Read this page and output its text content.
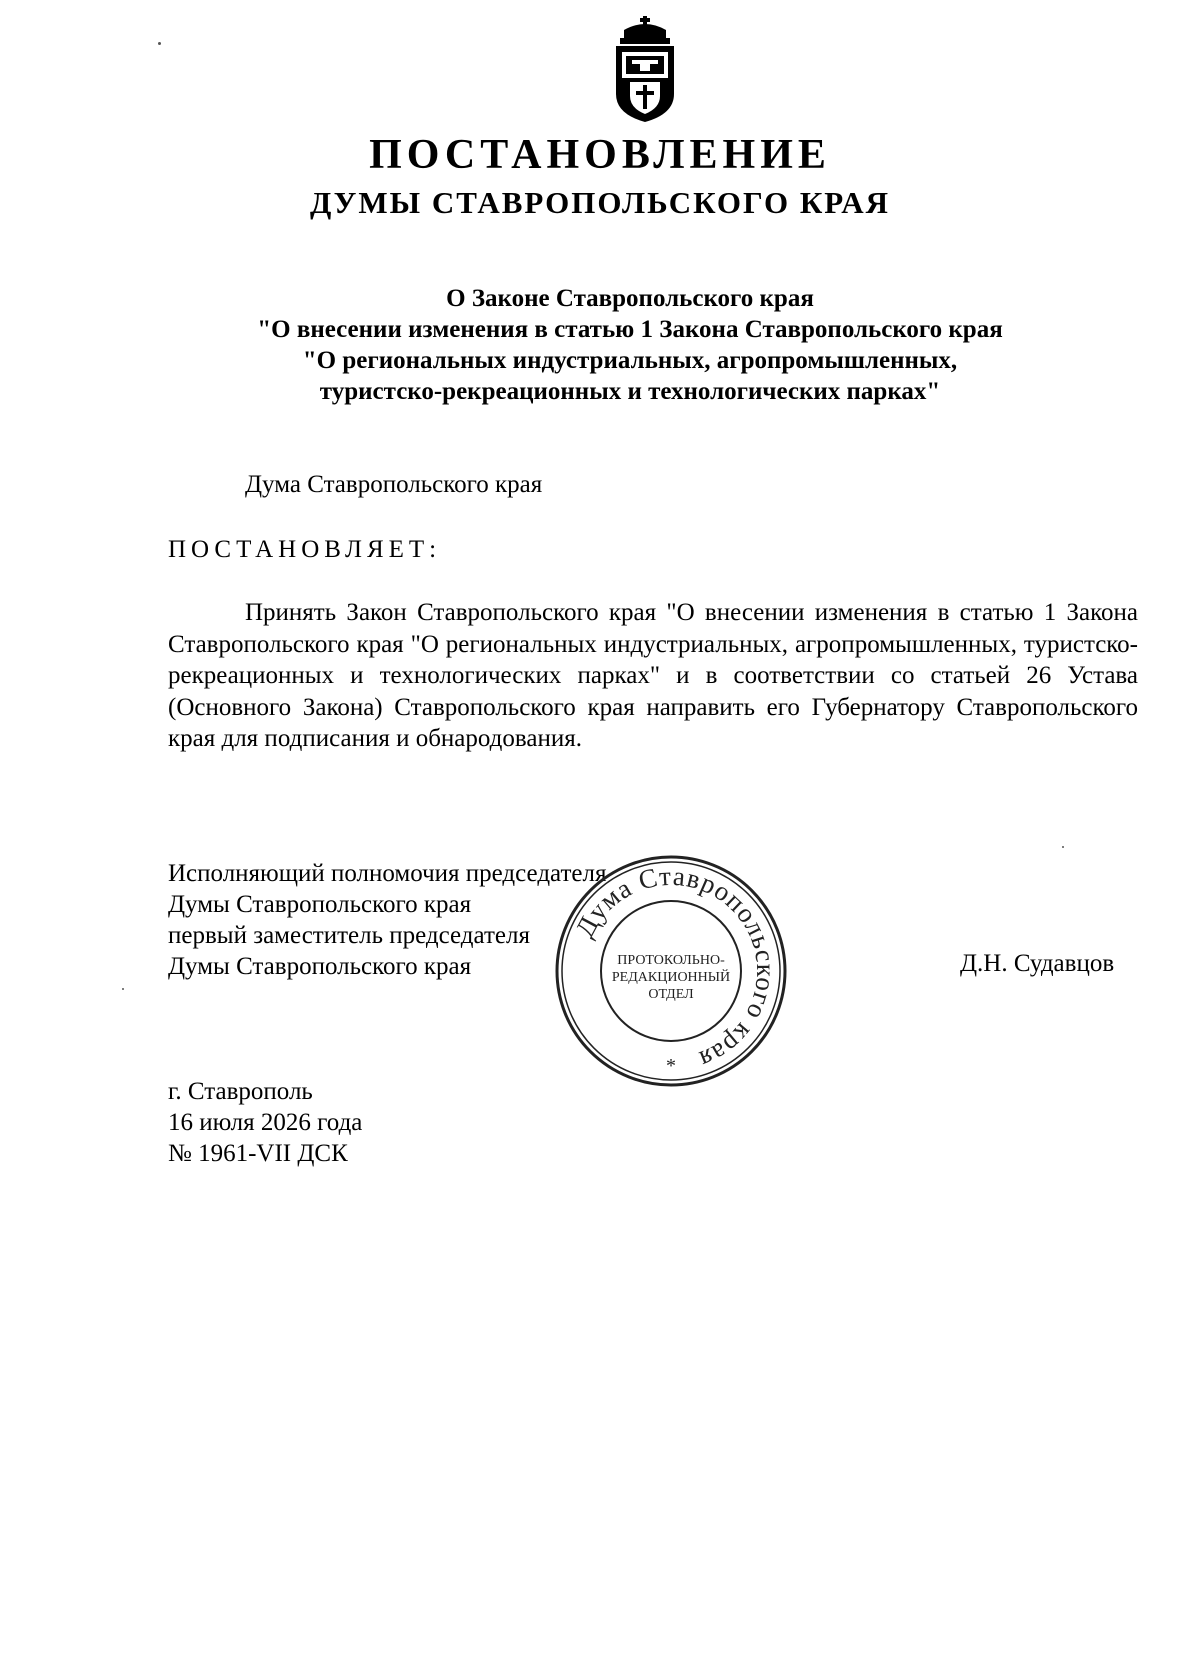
ПОСТАНОВЛЕНИЕ
ДУМЫ СТАВРОПОЛЬСКОГО КРАЯ
О Законе Ставропольского края
"О внесении изменения в статью 1 Закона Ставропольского края
"О региональных индустриальных, агропромышленных,
туристско-рекреационных и технологических парках"
Дума Ставропольского края
ПОСТАНОВЛЯЕТ:
Принять Закон Ставропольского края "О внесении изменения в статью 1 Закона Ставропольского края "О региональных индустриальных, агропромышленных, туристско-рекреационных и технологических парках" и в соответствии со статьей 26 Устава (Основного Закона) Ставропольского края направить его Губернатору Ставропольского края для подписания и обнародования.
Исполняющий полномочия председателя
Думы Ставропольского края
первый заместитель председателя
Думы Ставропольского края	Д.Н. Судавцов
Дума Ставропольского края
ПРОТОКОЛЬНО-
РЕДАКЦИОННЫЙ
ОТДЕЛ
*
г. Ставрополь
16 июля 2026 года
№ 1961-VII ДСК
